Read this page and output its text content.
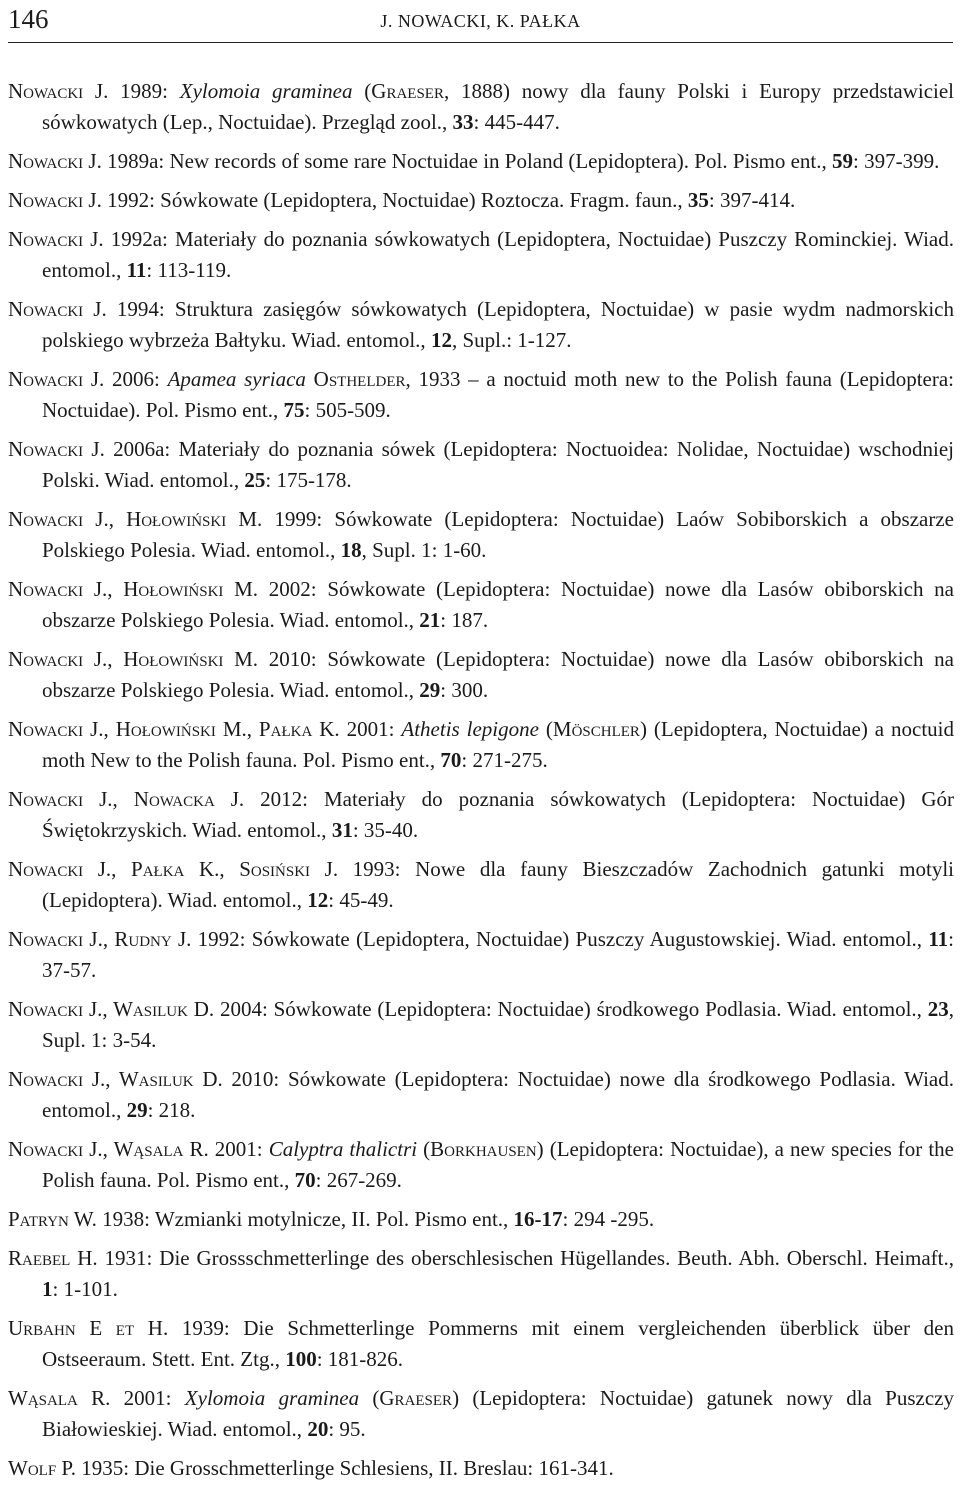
146	J. NOWACKI, K. PAŁKA
Nowacki J. 1989: Xylomoia graminea (Graeser, 1888) nowy dla fauny Polski i Europy przedstawiciel sówkowatych (Lep., Noctuidae). Przegląd zool., 33: 445-447.
Nowacki J. 1989a: New records of some rare Noctuidae in Poland (Lepidoptera). Pol. Pismo ent., 59: 397-399.
Nowacki J. 1992: Sówkowate (Lepidoptera, Noctuidae) Roztocza. Fragm. faun., 35: 397-414.
Nowacki J. 1992a: Materiały do poznania sówkowatych (Lepidoptera, Noctuidae) Puszczy Rominckiej. Wiad. entomol., 11: 113-119.
Nowacki J. 1994: Struktura zasięgów sówkowatych (Lepidoptera, Noctuidae) w pasie wydm nadmorskich polskiego wybrzeża Bałtyku. Wiad. entomol., 12, Supl.: 1-127.
Nowacki J. 2006: Apamea syriaca Osthelder, 1933 – a noctuid moth new to the Polish fauna (Lepidoptera: Noctuidae). Pol. Pismo ent., 75: 505-509.
Nowacki J. 2006a: Materiały do poznania sówek (Lepidoptera: Noctuoidea: Nolidae, Noctuidae) wschodniej Polski. Wiad. entomol., 25: 175-178.
Nowacki J., Hołowiński M. 1999: Sówkowate (Lepidoptera: Noctuidae) Laów Sobiborskich a obszarze Polskiego Polesia. Wiad. entomol., 18, Supl. 1: 1-60.
Nowacki J., Hołowiński M. 2002: Sówkowate (Lepidoptera: Noctuidae) nowe dla Lasów obiborskich na obszarze Polskiego Polesia. Wiad. entomol., 21: 187.
Nowacki J., Hołowiński M. 2010: Sówkowate (Lepidoptera: Noctuidae) nowe dla Lasów obiborskich na obszarze Polskiego Polesia. Wiad. entomol., 29: 300.
Nowacki J., Hołowiński M., Pałka K. 2001: Athetis lepigone (Möschler) (Lepidoptera, Noctuidae) a noctuid moth New to the Polish fauna. Pol. Pismo ent., 70: 271-275.
Nowacki J., Nowacka J. 2012: Materiały do poznania sówkowatych (Lepidoptera: Noctuidae) Gór Świętokrzyskich. Wiad. entomol., 31: 35-40.
Nowacki J., Pałka K., Sosiński J. 1993: Nowe dla fauny Bieszczadów Zachodnich gatunki motyli (Lepidoptera). Wiad. entomol., 12: 45-49.
Nowacki J., Rudny J. 1992: Sówkowate (Lepidoptera, Noctuidae) Puszczy Augustowskiej. Wiad. entomol., 11: 37-57.
Nowacki J., Wasiluk D. 2004: Sówkowate (Lepidoptera: Noctuidae) środkowego Podlasia. Wiad. entomol., 23, Supl. 1: 3-54.
Nowacki J., Wasiluk D. 2010: Sówkowate (Lepidoptera: Noctuidae) nowe dla środkowego Podlasia. Wiad. entomol., 29: 218.
Nowacki J., Wąsala R. 2001: Calyptra thalictri (Borkhausen) (Lepidoptera: Noctuidae), a new species for the Polish fauna. Pol. Pismo ent., 70: 267-269.
Patryn W. 1938: Wzmianki motylnicze, II. Pol. Pismo ent., 16-17: 294 -295.
Raebel H. 1931: Die Grossschmetterlinge des oberschlesischen Hügellandes. Beuth. Abh. Oberschl. Heimaft., 1: 1-101.
Urbahn E et H. 1939: Die Schmetterlinge Pommerns mit einem vergleichenden überblick über den Ostseeraum. Stett. Ent. Ztg., 100: 181-826.
Wąsala R. 2001: Xylomoia graminea (Graeser) (Lepidoptera: Noctuidae) gatunek nowy dla Puszczy Białowieskiej. Wiad. entomol., 20: 95.
Wolf P. 1935: Die Grosschmetterlinge Schlesiens, II. Breslau: 161-341.
